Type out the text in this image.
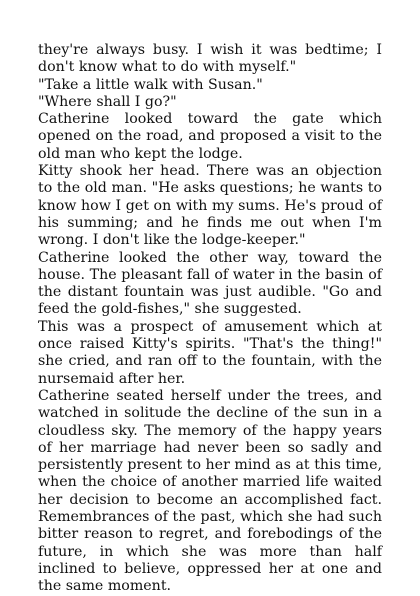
they're always busy. I wish it was bedtime; I don't know what to do with myself."

"Take a little walk with Susan."

"Where shall I go?"

Catherine looked toward the gate which opened on the road, and proposed a visit to the old man who kept the lodge.

Kitty shook her head. There was an objection to the old man. "He asks questions; he wants to know how I get on with my sums. He's proud of his summing; and he finds me out when I'm wrong. I don't like the lodge-keeper."

Catherine looked the other way, toward the house. The pleasant fall of water in the basin of the distant fountain was just audible. "Go and feed the gold-fishes," she suggested.

This was a prospect of amusement which at once raised Kitty's spirits. "That's the thing!" she cried, and ran off to the fountain, with the nursemaid after her.

Catherine seated herself under the trees, and watched in solitude the decline of the sun in a cloudless sky. The memory of the happy years of her marriage had never been so sadly and persistently present to her mind as at this time, when the choice of another married life waited her decision to become an accomplished fact. Remembrances of the past, which she had such bitter reason to regret, and forebodings of the future, in which she was more than half inclined to believe, oppressed her at one and the same moment.
